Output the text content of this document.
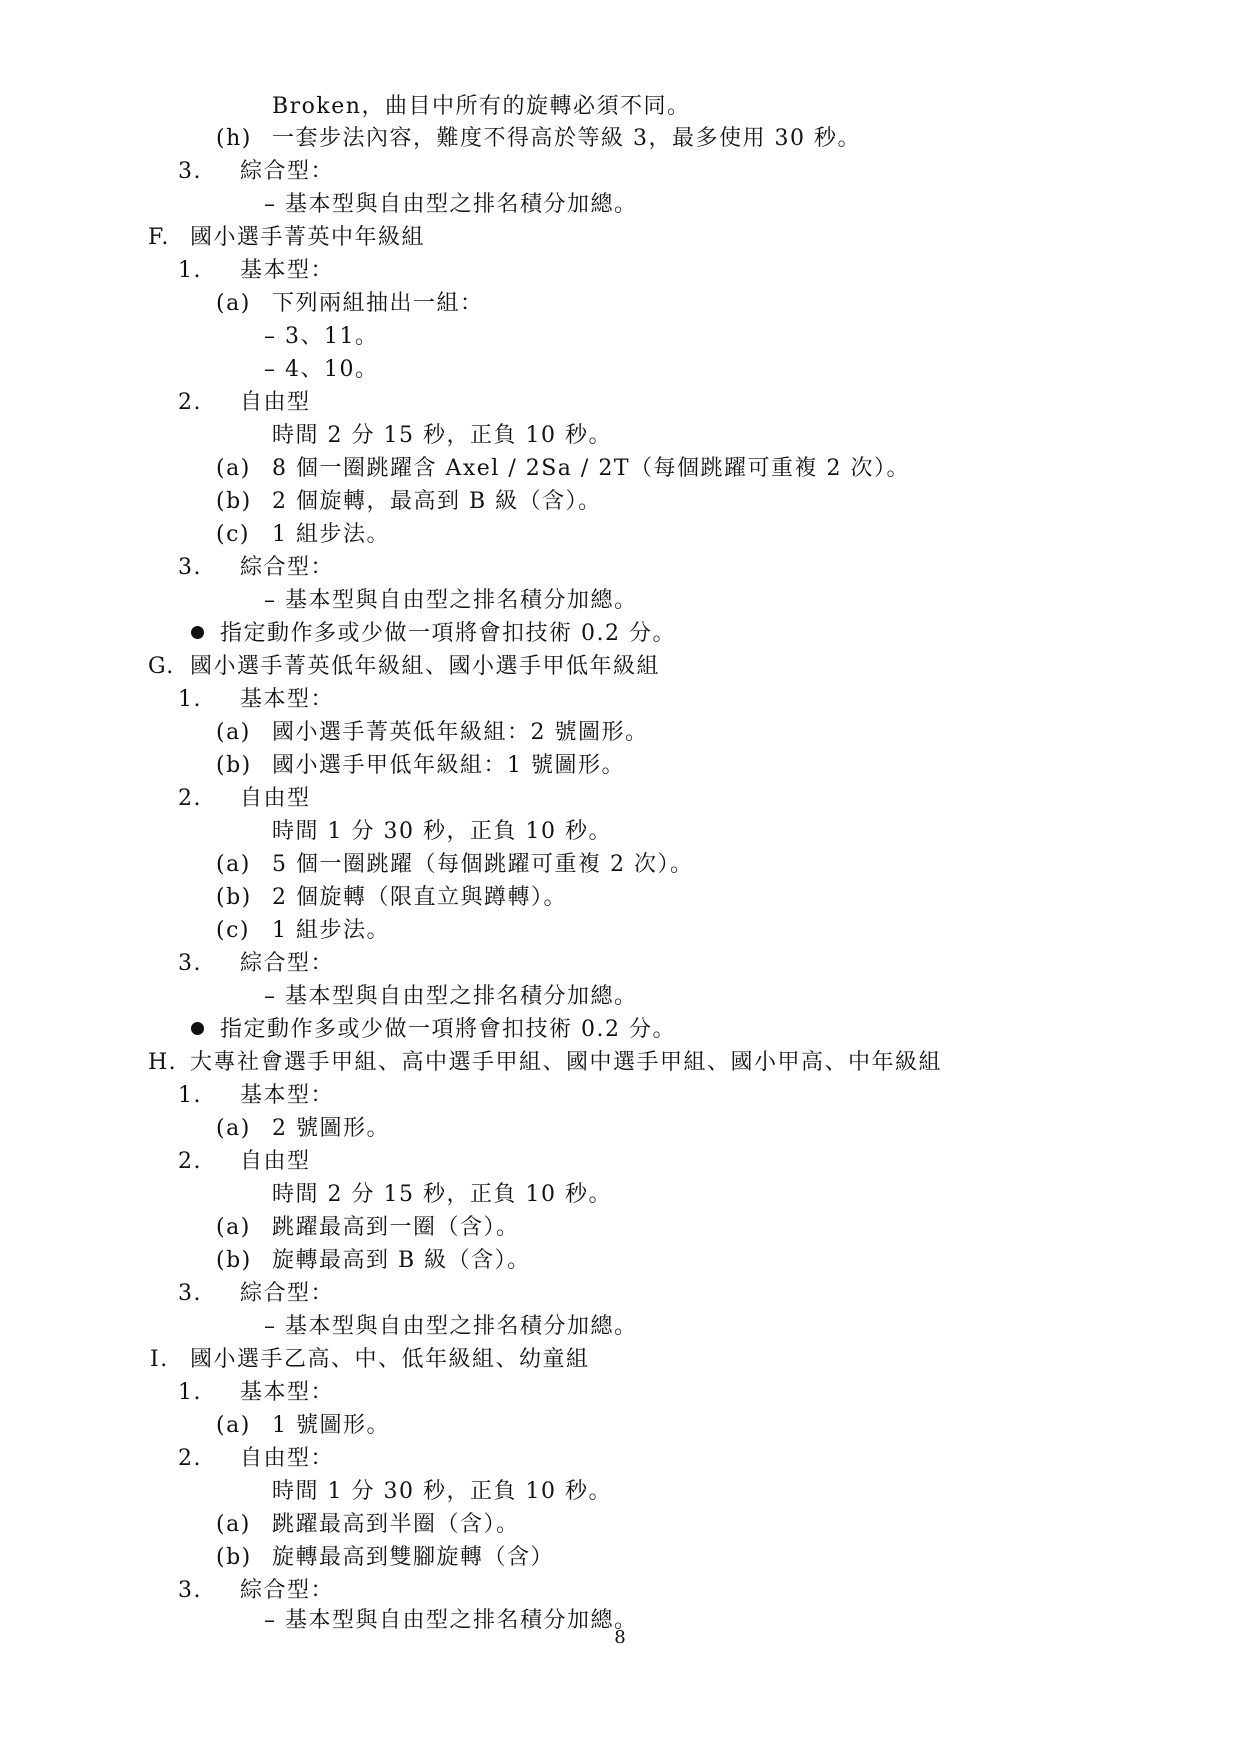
Broken，曲目中所有的旋轉必須不同。
(h) 一套步法內容，難度不得高於等級 3，最多使用 30 秒。
3. 綜合型：
– 基本型與自由型之排名積分加總。
F. 國小選手菁英中年級組
1. 基本型：
(a) 下列兩組抽出一組：
– 3、11。
– 4、10。
2. 自由型
時間 2 分 15 秒，正負 10 秒。
(a) 8 個一圈跳躍含 Axel / 2Sa / 2T（每個跳躍可重複 2 次）。
(b) 2 個旋轉，最高到 B 級（含）。
(c) 1 組步法。
3. 綜合型：
– 基本型與自由型之排名積分加總。
指定動作多或少做一項將會扣技術 0.2 分。
G. 國小選手菁英低年級組、國小選手甲低年級組
1. 基本型：
(a) 國小選手菁英低年級組：2 號圖形。
(b) 國小選手甲低年級組：1 號圖形。
2. 自由型
時間 1 分 30 秒，正負 10 秒。
(a) 5 個一圈跳躍（每個跳躍可重複 2 次）。
(b) 2 個旋轉（限直立與蹲轉）。
(c) 1 組步法。
3. 綜合型：
– 基本型與自由型之排名積分加總。
指定動作多或少做一項將會扣技術 0.2 分。
H. 大專社會選手甲組、高中選手甲組、國中選手甲組、國小甲高、中年級組
1. 基本型：
(a) 2 號圖形。
2. 自由型
時間 2 分 15 秒，正負 10 秒。
(a) 跳躍最高到一圈（含）。
(b) 旋轉最高到 B 級（含）。
3. 綜合型：
– 基本型與自由型之排名積分加總。
I. 國小選手乙高、中、低年級組、幼童組
1. 基本型：
(a) 1 號圖形。
2. 自由型：
時間 1 分 30 秒，正負 10 秒。
(a) 跳躍最高到半圈（含）。
(b) 旋轉最高到雙腳旋轉（含）
3. 綜合型：
– 基本型與自由型之排名積分加總。
8
